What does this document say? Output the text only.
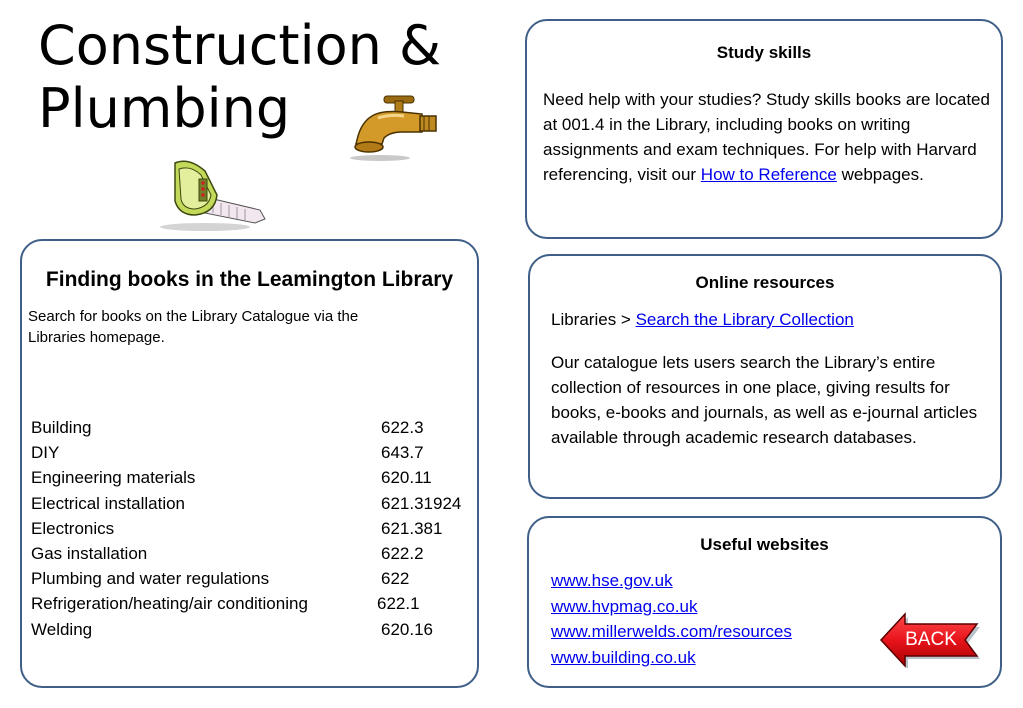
Construction &
Plumbing

Study skills

Need help with your studies? Study skills books are located at 001.4 in the Library, including books on writing assignments and exam techniques. For help with Harvard referencing, visit our How to Reference webpages.

Finding books in the Leamington Library

Search for books on the Library Catalogue via the Libraries homepage.

Building	622.3
DIY	643.7
Engineering materials	620.11
Electrical installation	621.31924
Electronics	621.381
Gas installation	622.2
Plumbing and water regulations	622
Refrigeration/heating/air conditioning	622.1
Welding	620.16

Online resources

Libraries > Search the Library Collection

Our catalogue lets users search the Library’s entire collection of resources in one place, giving results for books, e-books and journals, as well as e-journal articles available through academic research databases.

Useful websites

www.hse.gov.uk
www.hvpmag.co.uk
www.millerwelds.com/resources
www.building.co.uk
BACK
